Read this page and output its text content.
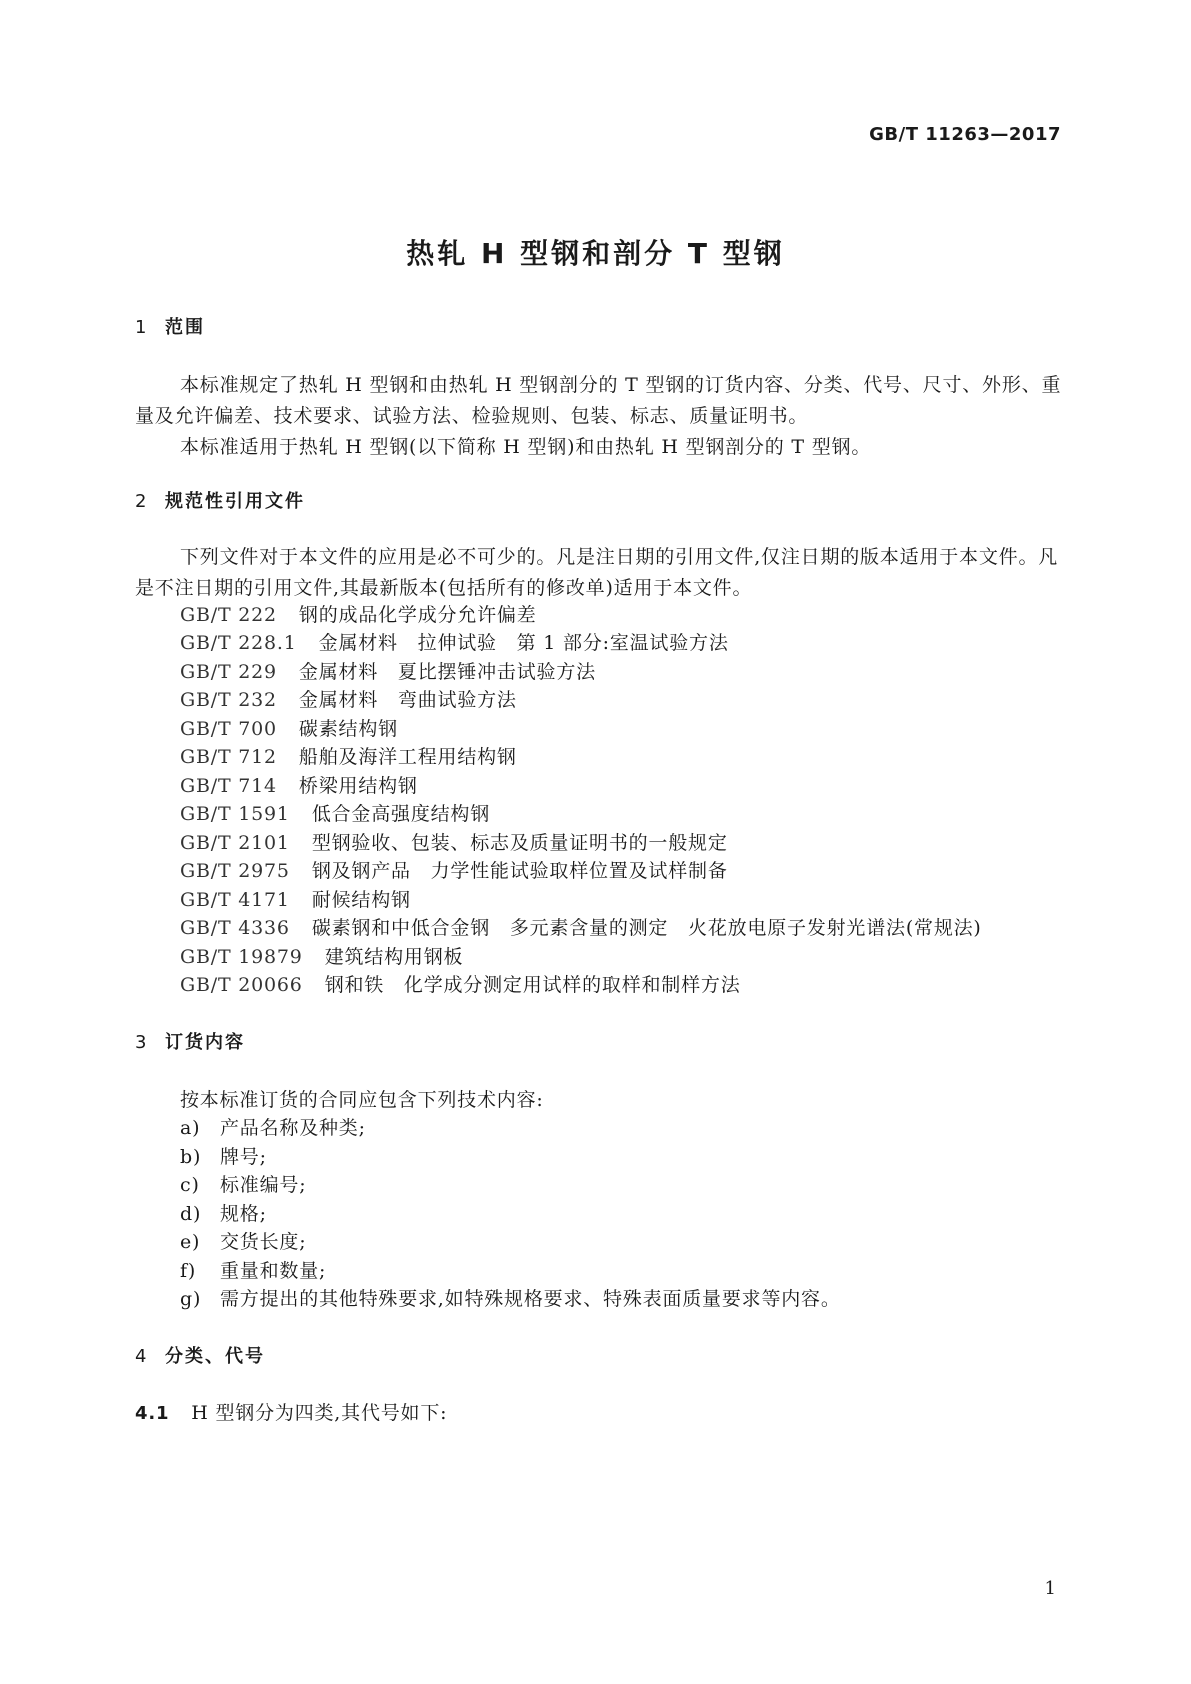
GB/T 11263—2017
热轧 H 型钢和剖分 T 型钢
1 范围

本标准规定了热轧 H 型钢和由热轧 H 型钢剖分的 T 型钢的订货内容、分类、代号、尺寸、外形、重量及允许偏差、技术要求、试验方法、检验规则、包装、标志、质量证明书。

本标准适用于热轧 H 型钢(以下简称 H 型钢)和由热轧 H 型钢剖分的 T 型钢。

2 规范性引用文件

下列文件对于本文件的应用是必不可少的。凡是注日期的引用文件,仅注日期的版本适用于本文件。凡是不注日期的引用文件,其最新版本(包括所有的修改单)适用于本文件。

GB/T 222 钢的成品化学成分允许偏差
GB/T 228.1 金属材料　拉伸试验　第 1 部分:室温试验方法
GB/T 229 金属材料　夏比摆锤冲击试验方法
GB/T 232 金属材料　弯曲试验方法
GB/T 700 碳素结构钢
GB/T 712 船舶及海洋工程用结构钢
GB/T 714 桥梁用结构钢
GB/T 1591 低合金高强度结构钢
GB/T 2101 型钢验收、包装、标志及质量证明书的一般规定
GB/T 2975 钢及钢产品　力学性能试验取样位置及试样制备
GB/T 4171 耐候结构钢
GB/T 4336 碳素钢和中低合金钢　多元素含量的测定　火花放电原子发射光谱法(常规法)
GB/T 19879 建筑结构用钢板
GB/T 20066 钢和铁　化学成分测定用试样的取样和制样方法
3 订货内容
按本标准订货的合同应包含下列技术内容:
a) 产品名称及种类;
b) 牌号;
c) 标准编号;
d) 规格;
e) 交货长度;
f) 重量和数量;
g) 需方提出的其他特殊要求,如特殊规格要求、特殊表面质量要求等内容。
4 分类、代号
4.1 H 型钢分为四类,其代号如下:
1
